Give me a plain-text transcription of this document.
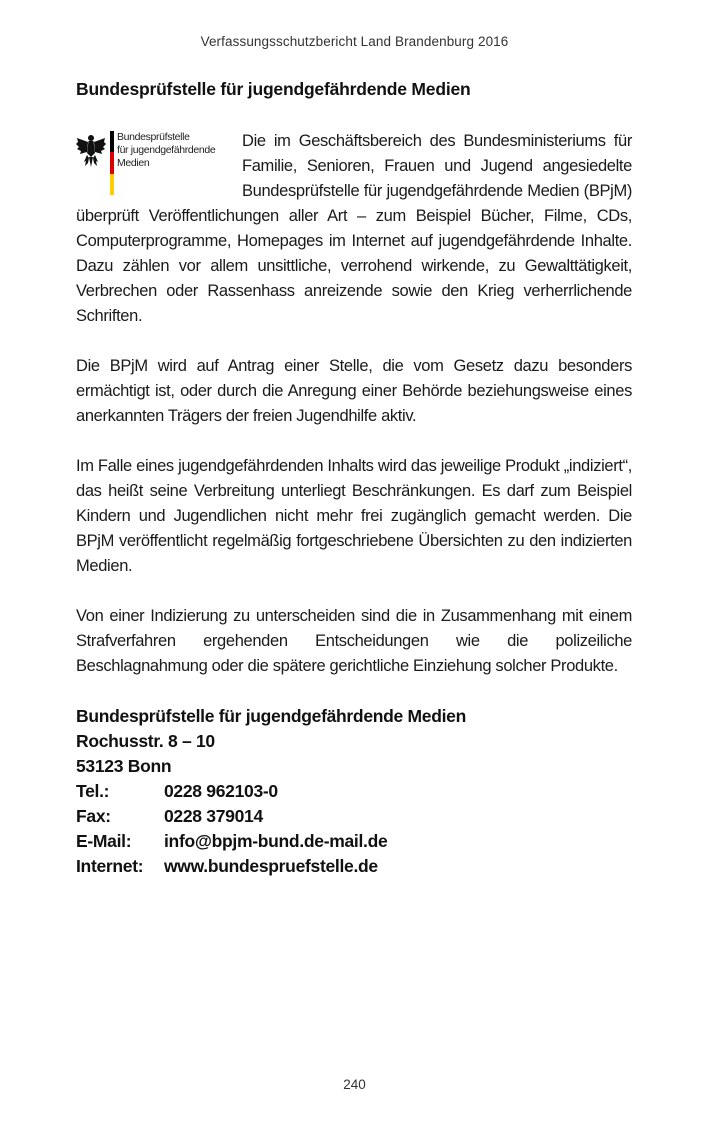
Verfassungsschutzbericht Land Brandenburg 2016
Bundesprüfstelle für jugendgefährdende Medien

Bundesprüfstelle
für jugendgefährdende
Medien
Die im Geschäftsbereich des Bundesministeriums für Familie, Senioren, Frauen und Jugend angesiedelte Bundesprüfstelle für jugendgefährdende Medien (BPjM) überprüft Veröffentlichungen aller Art – zum Beispiel Bücher, Filme, CDs, Computerprogramme, Homepages im Internet auf jugendgefährdende Inhalte. Dazu zählen vor allem unsittliche, verrohend wirkende, zu Gewalttätigkeit, Verbrechen oder Rassenhass anreizende sowie den Krieg verherrlichende Schriften.

Die BPjM wird auf Antrag einer Stelle, die vom Gesetz dazu besonders ermächtigt ist, oder durch die Anregung einer Behörde beziehungsweise eines anerkannten Trägers der freien Jugendhilfe aktiv.

Im Falle eines jugendgefährdenden Inhalts wird das jeweilige Produkt „indiziert“, das heißt seine Verbreitung unterliegt Beschränkungen. Es darf zum Beispiel Kindern und Jugendlichen nicht mehr frei zugänglich gemacht werden. Die BPjM veröffentlicht regelmäßig fortgeschriebene Übersichten zu den indizierten Medien.

Von einer Indizierung zu unterscheiden sind die in Zusammenhang mit einem Strafverfahren ergehenden Entscheidungen wie die polizeiliche Beschlagnahmung oder die spätere gerichtliche Einziehung solcher Produkte.

Bundesprüfstelle für jugendgefährdende Medien
Rochusstr. 8 – 10
53123 Bonn
Tel.:	0228 962103-0
Fax:	0228 379014
E-Mail: info@bpjm-bund.de-mail.de
Internet: www.bundespruefstelle.de
240
